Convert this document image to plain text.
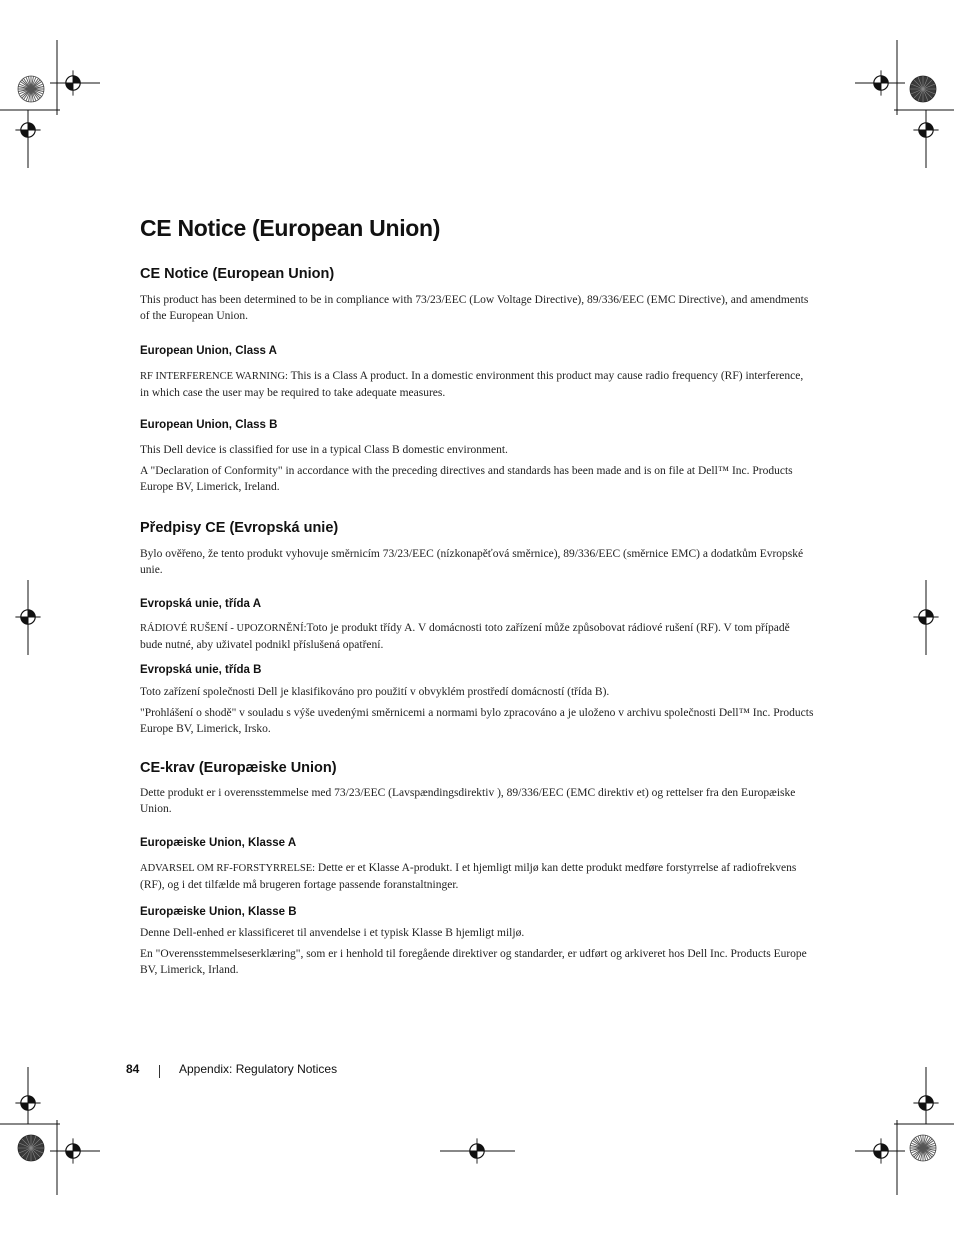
CE Notice (European Union)
CE Notice (European Union)
This product has been determined to be in compliance with 73/23/EEC (Low Voltage Directive), 89/336/EEC (EMC Directive), and amendments of the European Union.
European Union, Class A
RF INTERFERENCE WARNING: This is a Class A product. In a domestic environment this product may cause radio frequency (RF) interference, in which case the user may be required to take adequate measures.
European Union, Class B
This Dell device is classified for use in a typical Class B domestic environment.
A "Declaration of Conformity" in accordance with the preceding directives and standards has been made and is on file at Dell™ Inc. Products Europe BV, Limerick, Ireland.
Předpisy CE (Evropská unie)
Bylo ověřeno, že tento produkt vyhovuje směrnicím 73/23/EEC (nízkonapěťová směrnice), 89/336/EEC (směrnice EMC) a dodatkům Evropské unie.
Evropská unie, třída A
RÁDIOVÉ RUŠENÍ - UPOZORNĚNÍ:Toto je produkt třídy A. V domácnosti toto zařízení může způsobovat rádiové rušení (RF). V tom případě bude nutné, aby uživatel podnikl příslušená opatření.
Evropská unie, třída B
Toto zařízení společnosti Dell je klasifikováno pro použití v obvyklém prostředí domácností (třída B).
"Prohlášení o shodě" v souladu s výše uvedenými směrnicemi a normami bylo zpracováno a je uloženo v archivu společnosti Dell™ Inc. Products Europe BV, Limerick, Irsko.
CE-krav (Europæiske Union)
Dette produkt er i overensstemmelse med 73/23/EEC (Lavspændingsdirektiv ), 89/336/EEC (EMC direktiv et) og rettelser fra den Europæiske Union.
Europæiske Union, Klasse A
ADVARSEL OM RF-FORSTYRRELSE: Dette er et Klasse A-produkt. I et hjemligt miljø kan dette produkt medføre forstyrrelse af radiofrekvens (RF), og i det tilfælde må brugeren fortage passende foranstaltninger.
Europæiske Union, Klasse B
Denne Dell-enhed er klassificeret til anvendelse i et typisk Klasse B hjemligt miljø.
En "Overensstemmelseserklæring", som er i henhold til foregående direktiver og standarder, er udført og arkiveret hos Dell Inc. Products Europe BV, Limerick, Irland.
84	Appendix: Regulatory Notices
